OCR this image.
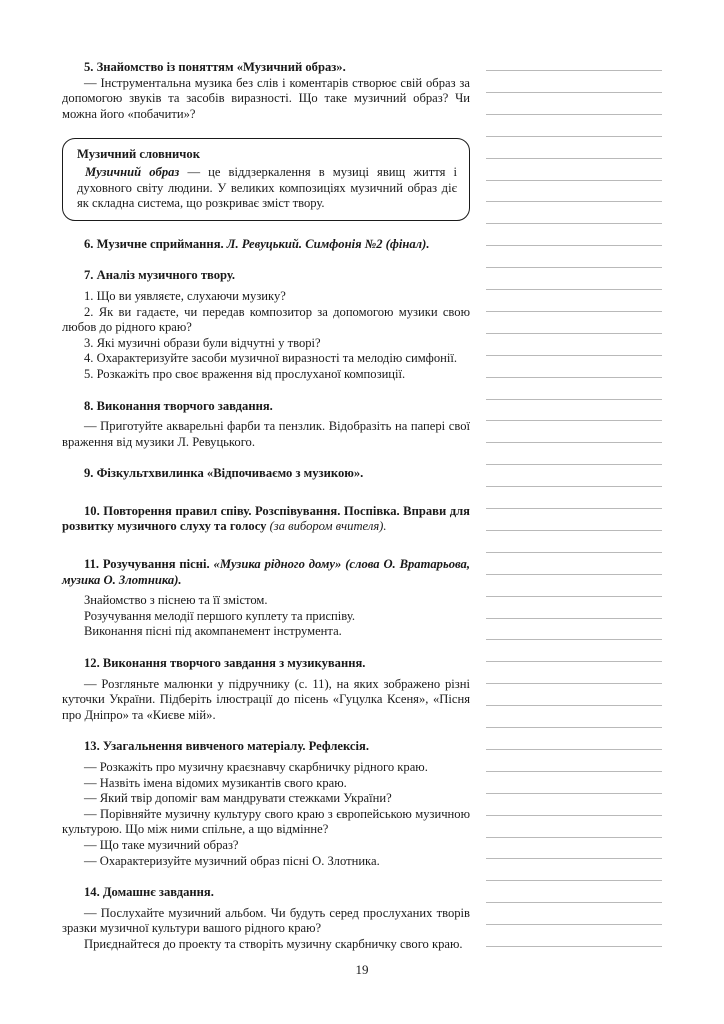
5. Знайомство із поняттям «Музичний образ».
— Інструментальна музика без слів і коментарів створює свій образ за допомогою звуків та засобів виразності. Що таке музичний образ? Чи можна його «побачити»?
Музичний словничок
Музичний образ — це віддзеркалення в музиці явищ життя і духовного світу людини. У великих композиціях музичний образ діє як складна система, що розкриває зміст твору.
6. Музичне сприймання. Л. Ревуцький. Симфонія №2 (фінал).
7. Аналіз музичного твору.
1. Що ви уявляєте, слухаючи музику?
2. Як ви гадаєте, чи передав композитор за допомогою музики свою любов до рідного краю?
3. Які музичні образи були відчутні у творі?
4. Охарактеризуйте засоби музичної виразності та мелодію симфонії.
5. Розкажіть про своє враження від прослуханої композиції.
8. Виконання творчого завдання.
— Приготуйте акварельні фарби та пензлик. Відобразіть на папері свої враження від музики Л. Ревуцького.
9. Фізкультхвилинка «Відпочиваємо з музикою».
10. Повторення правил співу. Розспівування. Поспівка. Вправи для розвитку музичного слуху та голосу (за вибором вчителя).
11. Розучування пісні. «Музика рідного дому» (слова О. Вратарьова, музика О. Злотника).
Знайомство з піснею та її змістом.
Розучування мелодії першого куплету та приспіву.
Виконання пісні під акомпанемент інструмента.
12. Виконання творчого завдання з музикування.
— Розгляньте малюнки у підручнику (с. 11), на яких зображено різні куточки України. Підберіть ілюстрації до пісень «Гуцулка Ксеня», «Пісня про Дніпро» та «Києве мій».
13. Узагальнення вивченого матеріалу. Рефлексія.
— Розкажіть про музичну краєзнавчу скарбничку рідного краю.
— Назвіть імена відомих музикантів свого краю.
— Який твір допоміг вам мандрувати стежками України?
— Порівняйте музичну культуру свого краю з європейською музичною культурою. Що між ними спільне, а що відмінне?
— Що таке музичний образ?
— Охарактеризуйте музичний образ пісні О. Злотника.
14. Домашнє завдання.
— Послухайте музичний альбом. Чи будуть серед прослуханих творів зразки музичної культури вашого рідного краю?
Приєднайтеся до проекту та створіть музичну скарбничку свого краю.
19
